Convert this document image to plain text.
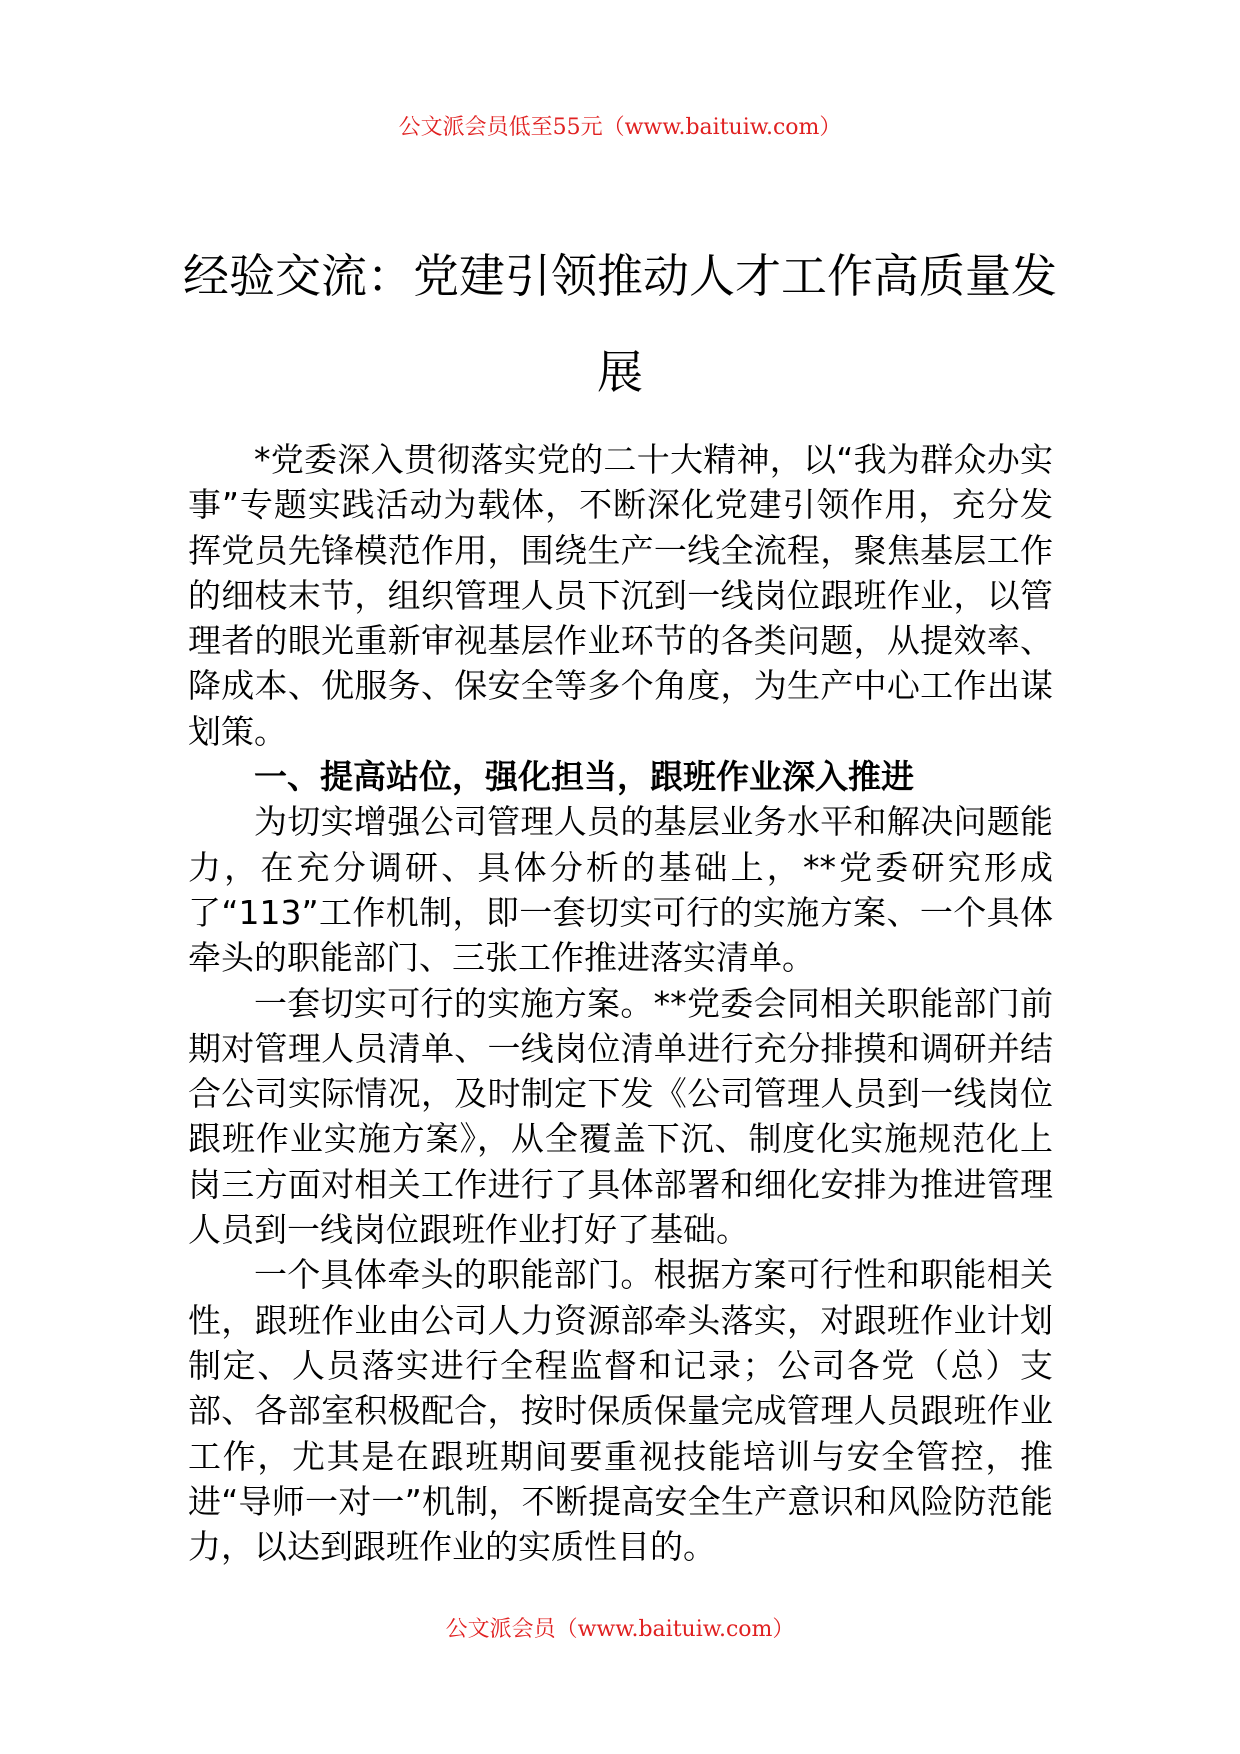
公文派会员低至55元（www.baituiw.com）
经验交流：党建引领推动人才工作高质量发展

*党委深入贯彻落实党的二十大精神，以“我为群众办实事”专题实践活动为载体，不断深化党建引领作用，充分发挥党员先锋模范作用，围绕生产一线全流程，聚焦基层工作的细枝末节，组织管理人员下沉到一线岗位跟班作业，以管理者的眼光重新审视基层作业环节的各类问题，从提效率、降成本、优服务、保安全等多个角度，为生产中心工作出谋划策。

一、提高站位，强化担当，跟班作业深入推进

为切实增强公司管理人员的基层业务水平和解决问题能力，在充分调研、具体分析的基础上，**党委研究形成了“113”工作机制，即一套切实可行的实施方案、一个具体牵头的职能部门、三张工作推进落实清单。

一套切实可行的实施方案。**党委会同相关职能部门前期对管理人员清单、一线岗位清单进行充分排摸和调研并结合公司实际情况，及时制定下发《公司管理人员到一线岗位跟班作业实施方案》，从全覆盖下沉、制度化实施规范化上岗三方面对相关工作进行了具体部署和细化安排为推进管理人员到一线岗位跟班作业打好了基础。

一个具体牵头的职能部门。根据方案可行性和职能相关性，跟班作业由公司人力资源部牵头落实，对跟班作业计划制定、人员落实进行全程监督和记录；公司各党（总）支部、各部室积极配合，按时保质保量完成管理人员跟班作业工作，尤其是在跟班期间要重视技能培训与安全管控，推进“导师一对一”机制，不断提高安全生产意识和风险防范能力，以达到跟班作业的实质性目的。

公文派会员（www.baituiw.com）
